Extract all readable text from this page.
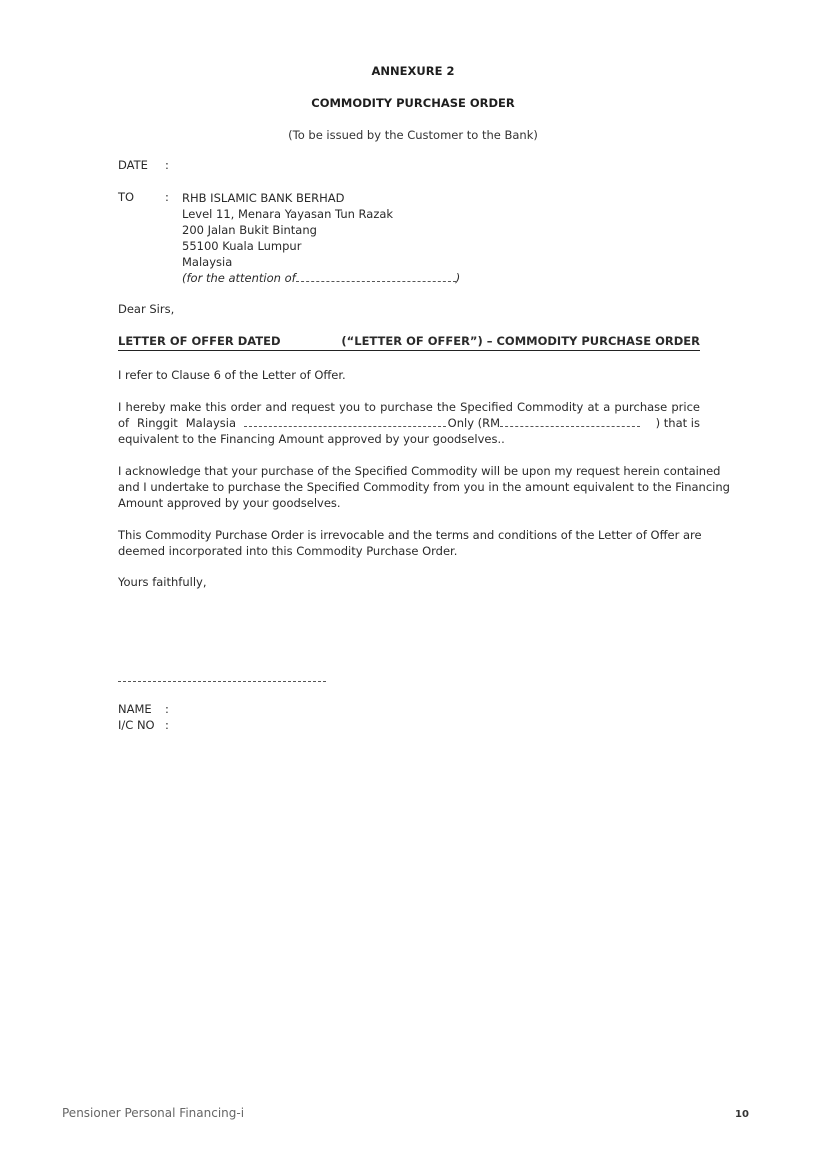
ANNEXURE 2
COMMODITY PURCHASE ORDER
(To be issued by the Customer to the Bank)
DATE :
TO	: RHB ISLAMIC BANK BERHAD
Level 11, Menara Yayasan Tun Razak
200 Jalan Bukit Bintang
55100 Kuala Lumpur
Malaysia
(for the attention of	)
Dear Sirs,
LETTER OF OFFER DATED	(“LETTER OF OFFER”) – COMMODITY PURCHASE ORDER
I refer to Clause 6 of the Letter of Offer.
I hereby make this order and request you to purchase the Specified Commodity at a purchase price
of Ringgit Malaysia	Only (RM	) that is
equivalent to the Financing Amount approved by your goodselves..
I acknowledge that your purchase of the Specified Commodity will be upon my request herein contained
and I undertake to purchase the Specified Commodity from you in the amount equivalent to the Financing
Amount approved by your goodselves.
This Commodity Purchase Order is irrevocable and the terms and conditions of the Letter of Offer are
deemed incorporated into this Commodity Purchase Order.
Yours faithfully,
NAME :
I/C NO :
Pensioner Personal Financing-i	10
